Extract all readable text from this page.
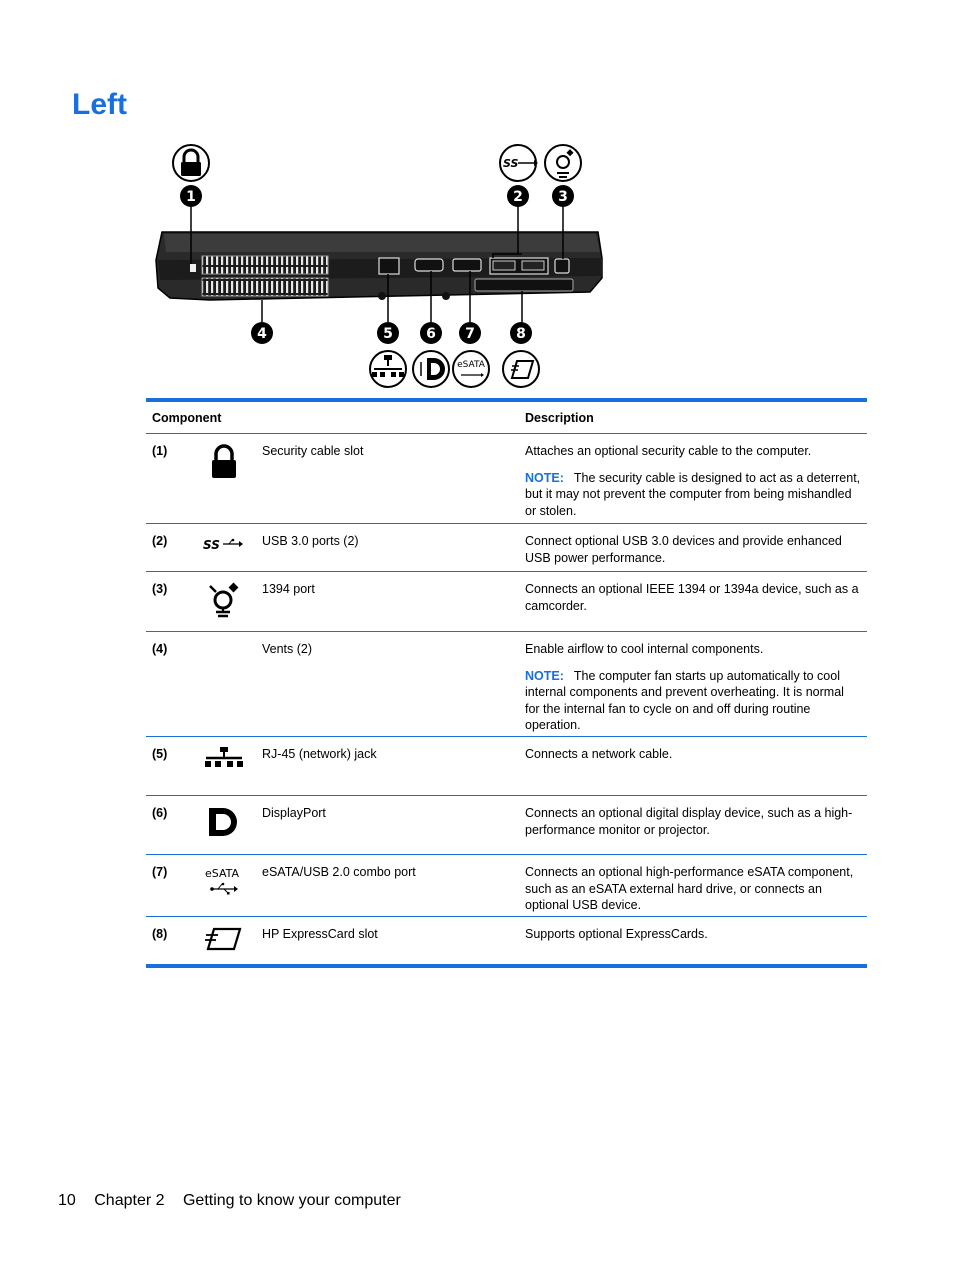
Left
SS
1	2	3
4	5 6 7	8
eSATA
Component	Description
(1)	Security cable slot	Attaches an optional security cable to the computer.

NOTE: The security cable is designed to act as a deterrent, but it may not prevent the computer from being mishandled or stolen.

(2)	SS	USB 3.0 ports (2)	Connect optional USB 3.0 devices and provide enhanced USB power performance.

(3)	1394 port	Connects an optional IEEE 1394 or 1394a device, such as a camcorder.

(4)	Vents (2)	Enable airflow to cool internal components.

NOTE: The computer fan starts up automatically to cool internal components and prevent overheating. It is normal for the internal fan to cycle on and off during routine operation.

(5)	RJ-45 (network) jack	Connects a network cable.

(6)	DisplayPort	Connects an optional digital display device, such as a high-performance monitor or projector.

(7)	eSATA	eSATA/USB 2.0 combo port	Connects an optional high-performance eSATA component, such as an eSATA external hard drive, or connects an optional USB device.

(8)	HP ExpressCard slot	Supports optional ExpressCards.

10 Chapter 2 Getting to know your computer
